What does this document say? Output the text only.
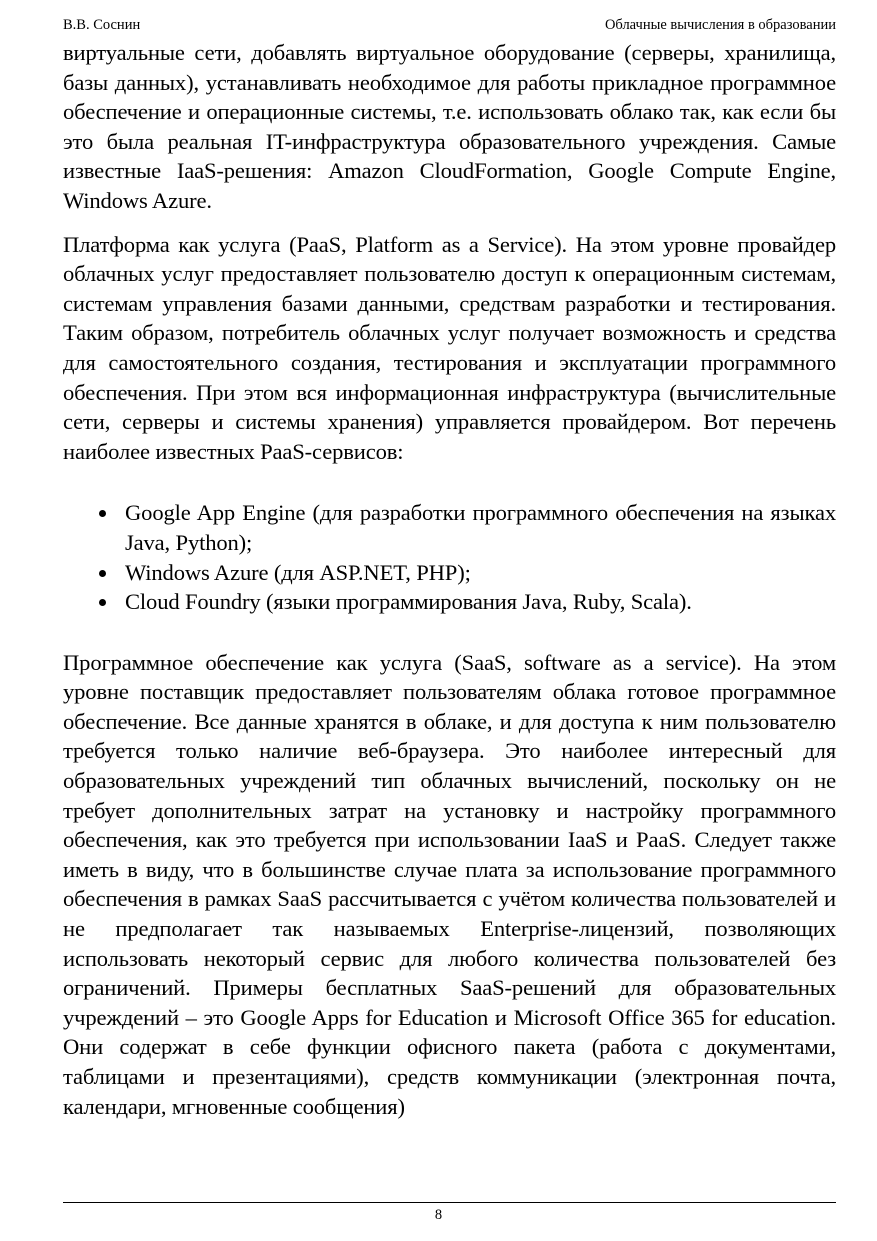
В.В. Соснин	Облачные вычисления в образовании

виртуальные сети, добавлять виртуальное оборудование (серверы, хранилища, базы данных), устанавливать необходимое для работы прикладное программное обеспечение и операционные системы, т.е. использовать облако так, как если бы это была реальная IT-инфраструктура образовательного учреждения. Самые известные IaaS-решения: Amazon CloudFormation, Google Compute Engine, Windows Azure.

Платформа как услуга (PaaS, Platform as a Service). На этом уровне провайдер облачных услуг предоставляет пользователю доступ к операционным системам, системам управления базами данными, средствам разработки и тестирования. Таким образом, потребитель облачных услуг получает возможность и средства для самостоятельного создания, тестирования и эксплуатации программного обеспечения. При этом вся информационная инфраструктура (вычислительные сети, серверы и системы хранения) управляется провайдером. Вот перечень наиболее известных PaaS-сервисов:

Google App Engine (для разработки программного обеспечения на языках Java, Python);
Windows Azure (для ASP.NET, PHP);
Cloud Foundry (языки программирования Java, Ruby, Scala).

Программное обеспечение как услуга (SaaS, software as a service). На этом уровне поставщик предоставляет пользователям облака готовое программное обеспечение. Все данные хранятся в облаке, и для доступа к ним пользователю требуется только наличие веб-браузера. Это наиболее интересный для образовательных учреждений тип облачных вычислений, поскольку он не требует дополнительных затрат на установку и настройку программного обеспечения, как это требуется при использовании IaaS и PaaS. Следует также иметь в виду, что в большинстве случае плата за использование программного обеспечения в рамках SaaS рассчитывается с учётом количества пользователей и не предполагает так называемых Enterprise-лицензий, позволяющих использовать некоторый сервис для любого количества пользователей без ограничений. Примеры бесплатных SaaS-решений для образовательных учреждений – это Google Apps for Education и Microsoft Office 365 for education. Они содержат в себе функции офисного пакета (работа с документами, таблицами и презентациями), средств коммуникации (электронная почта, календари, мгновенные сообщения)

8
